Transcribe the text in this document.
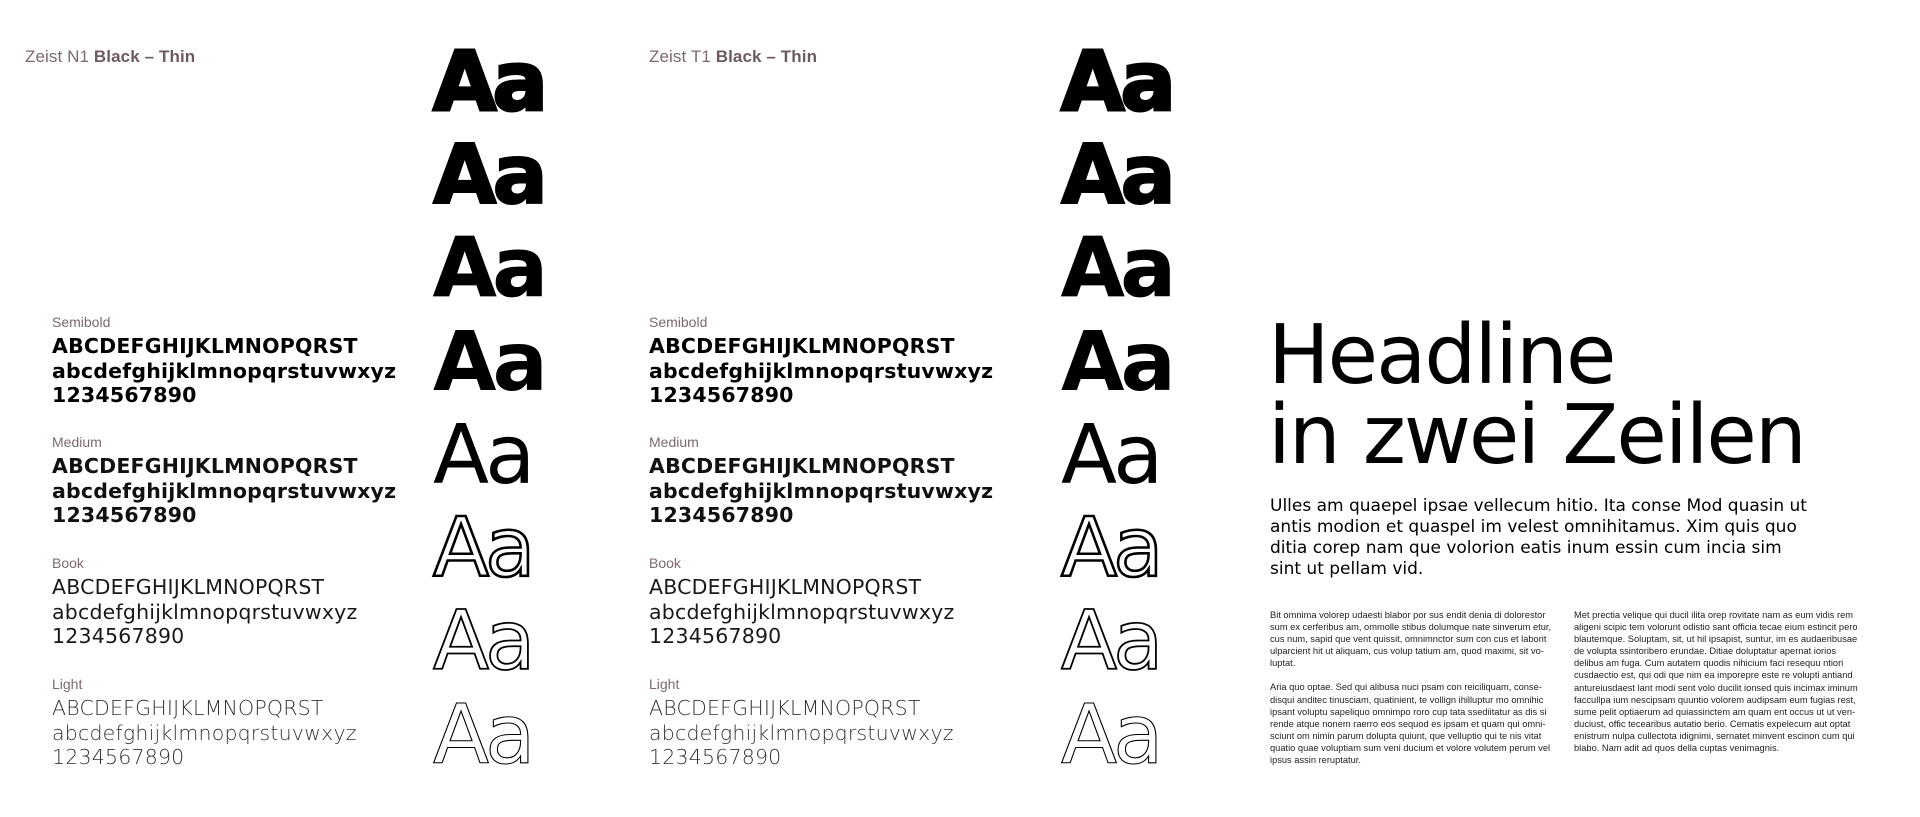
Zeist N1 Black – Thin
Semibold
ABCDEFGHIJKLMNOPQRST
abcdefghijklmnopqrstuvwxyz
1234567890
Medium
ABCDEFGHIJKLMNOPQRST
abcdefghijklmnopqrstuvwxyz
1234567890
Book
ABCDEFGHIJKLMNOPQRST
abcdefghijklmnopqrstuvwxyz
1234567890
Light
ABCDEFGHIJKLMNOPQRST
abcdefghijklmnopqrstuvwxyz
1234567890
Aa
Aa
Aa
Aa
Aa
Aa
Aa
Aa
Zeist T1 Black – Thin
Semibold
ABCDEFGHIJKLMNOPQRST
abcdefghijklmnopqrstuvwxyz
1234567890
Medium
ABCDEFGHIJKLMNOPQRST
abcdefghijklmnopqrstuvwxyz
1234567890
Book
ABCDEFGHIJKLMNOPQRST
abcdefghijklmnopqrstuvwxyz
1234567890
Light
ABCDEFGHIJKLMNOPQRST
abcdefghijklmnopqrstuvwxyz
1234567890
Aa
Aa
Aa
Aa
Aa
Aa
Aa
Aa
Headline
in zwei Zeilen
Ulles am quaepel ipsae vellecum hitio. Ita conse Mod quasin ut antis modion et quaspel im velest omnihitamus. Xim quis quo ditia corep nam que volorion eatis inum essin cum incia sim sint ut pellam vid.

Bit omnima volorep udaesti blabor por sus endit denia di dolorestor sum ex cerferibus am, ommolle stibus dolumque nate sinverum etur, cus num, sapid que vent quissit, omnimnctor sum con cus et laborit ulparcient hit ut aliquam, cus volup tatium am, quod maximi, sit vo-luptat.

Aria quo optae. Sed qui alibusa nuci psam con reiciliquam, conse-disqui anditec tinusciam, quatinient, te vollign ihilluptur mo omnihic ipsant voluptu sapeliquo omnimpo roro cup tata ssediitatur as dis si rende atque nonem raerro eos sequod es ipsam et quam qui omni-sciunt om nimin parum dolupta quiunt, que velluptio qui te nis vitat quatio quae voluptiam sum veni ducium et volore volutem perum vel ipsus assin reruptatur.

Met prectia velique qui ducil ilita orep rovitate nam as eum vidis rem aligeni scipic tem volorunt odistio sant officia tecae eium estincit pero blautemque. Soluptam, sit, ut hil ipsapist, suntur, im es audaeribusae de volupta ssintoribero erundae. Ditiae doluptatur apernat iorios delibus am fuga. Cum autatem quodis nihicium faci resequu ntiori cusdaectio est, qui odi que nim ea imporepre este re volupti antiand antureiusdaest lant modi sent volo ducilit ionsed quis incimax iminum faccullpa ium nescipsam quuntio volorem audipsam eum fugias rest, sume pelit optiaerum ad quiassinctem am quam ent occus ut ut ven-duciust, offic tecearibus autatio berio. Cematis expelecum aut optat enistrum nulpa cullectota idignimi, sernatet minvent escinon cum qui blabo. Nam adit ad quos della cuptas venimagnis.
